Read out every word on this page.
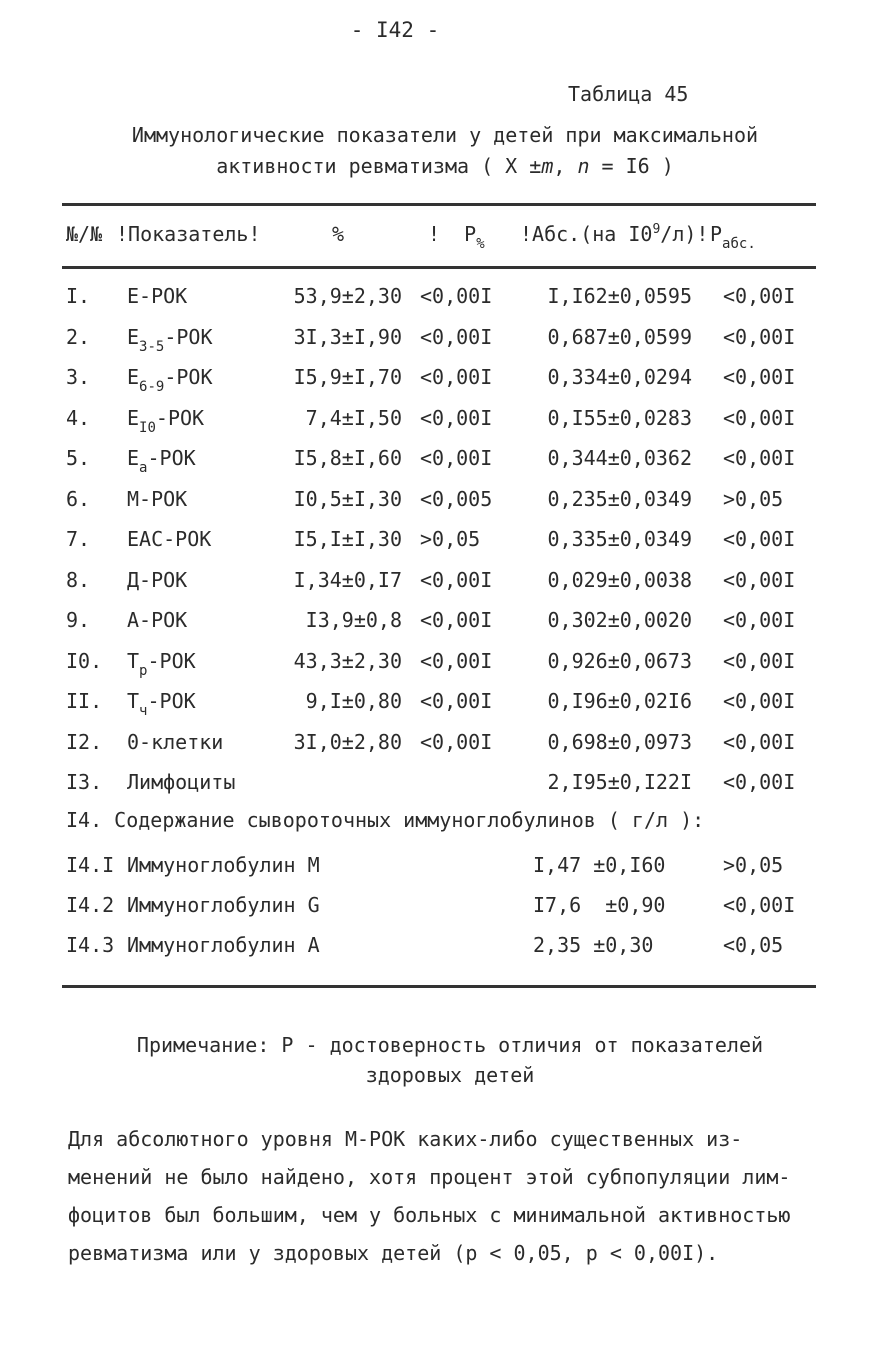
- I42 -
Таблица 45
Иммунологические показатели у детей при максимальной
активности ревматизма ( X ±m, n = I6 )
№/№ !Показатель!	%	! $P_{\%}$ !Абс.(на $I0^9/л$)! $P_{абс.}$
I. E-POK	53,9±2,30 <0,00I	I,I62±0,0595 <0,00I
2. $E_{3-5}$-POK	3I,3±I,90 <0,00I	0,687±0,0599 <0,00I
3. $E_{6-9}$-POK	I5,9±I,70 <0,00I	0,334±0,0294 <0,00I
4. $E_{I0}$-POK	7,4±I,50 <0,00I	0,I55±0,0283 <0,00I
5. $E_a$-POK	I5,8±I,60 <0,00I	0,344±0,0362 <0,00I
6. M-POK	I0,5±I,30 <0,005	0,235±0,0349 >0,05
7. EAC-POK	I5,I±I,30 >0,05	0,335±0,0349 <0,00I
8. Д-POK	I,34±0,I7 <0,00I	0,029±0,0038 <0,00I
9. A-POK	I3,9±0,8 <0,00I	0,302±0,0020 <0,00I
I0. $T_p$-POK	43,3±2,30 <0,00I	0,926±0,0673 <0,00I
II. $T_ч$-POK	9,I±0,80 <0,00I	0,I96±0,02I6 <0,00I
I2. 0-клетки	3I,0±2,80 <0,00I	0,698±0,0973 <0,00I
I3. Лимфоциты	2,I95±0,I22I <0,00I
I4. Содержание сывороточных иммуноглобулинов ( г/л ):
I4.I Иммуноглобулин M	I,47 ±0,I60	>0,05
I4.2 Иммуноглобулин G	I7,6  ±0,90	<0,00I
I4.3 Иммуноглобулин A	2,35 ±0,30	<0,05
Примечание: P - достоверность отличия от показателей
здоровых детей

Для абсолютного уровня M-POK каких-либо существенных из-

менений не было найдено, хотя процент этой субпопуляции лим-

фоцитов был большим, чем у больных с минимальной активностью

ревматизма или у здоровых детей (p < 0,05, p < 0,00I).
